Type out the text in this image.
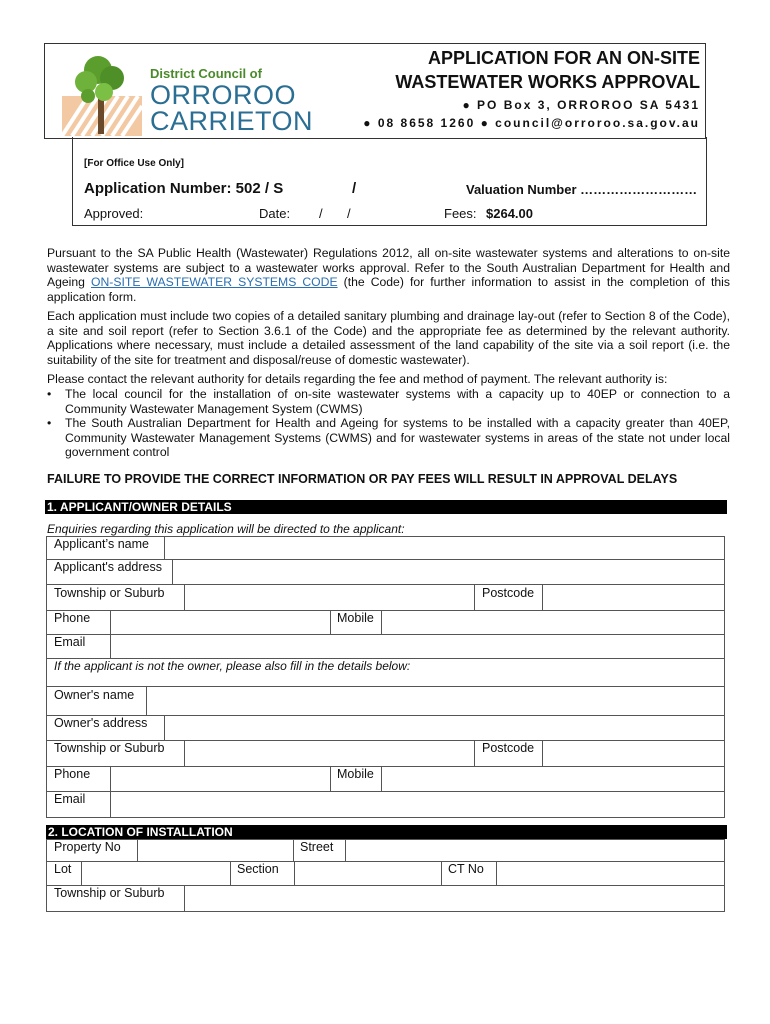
District Council of
ORROROO
CARRIETON
APPLICATION FOR AN ON-SITE
WASTEWATER WORKS APPROVAL
● PO Box 3, ORROROO SA 5431
● 08 8658 1260 ● council@orroroo.sa.gov.au
[For Office Use Only]
Application Number: 502 / S	/	Valuation Number ………………………
Approved:	Date: / /	Fees: $264.00
Pursuant to the SA Public Health (Wastewater) Regulations 2012, all on-site wastewater systems and alterations to on-site wastewater systems are subject to a wastewater works approval. Refer to the South Australian Department for Health and Ageing ON-SITE WASTEWATER SYSTEMS CODE (the Code) for further information to assist in the completion of this application form.
Each application must include two copies of a detailed sanitary plumbing and drainage lay-out (refer to Section 8 of the Code), a site and soil report (refer to Section 3.6.1 of the Code) and the appropriate fee as determined by the relevant authority. Applications where necessary, must include a detailed assessment of the land capability of the site via a soil report (i.e. the suitability of the site for treatment and disposal/reuse of domestic wastewater).
Please contact the relevant authority for details regarding the fee and method of payment. The relevant authority is:
• The local council for the installation of on-site wastewater systems with a capacity up to 40EP or connection to a Community Wastewater Management System (CWMS)
• The South Australian Department for Health and Ageing for systems to be installed with a capacity greater than 40EP, Community Wastewater Management Systems (CWMS) and for wastewater systems in areas of the state not under local government control
FAILURE TO PROVIDE THE CORRECT INFORMATION OR PAY FEES WILL RESULT IN APPROVAL DELAYS
1. APPLICANT/OWNER DETAILS
Enquiries regarding this application will be directed to the applicant:
Applicant’s name
Applicant's address
Township or Suburb	Postcode
Phone	Mobile
Email
If the applicant is not the owner, please also fill in the details below:
Owner's name
Owner's address
Township or Suburb	Postcode
Phone	Mobile
Email
2. LOCATION OF INSTALLATION
Property No	Street
Lot	Section	CT No
Township or Suburb
